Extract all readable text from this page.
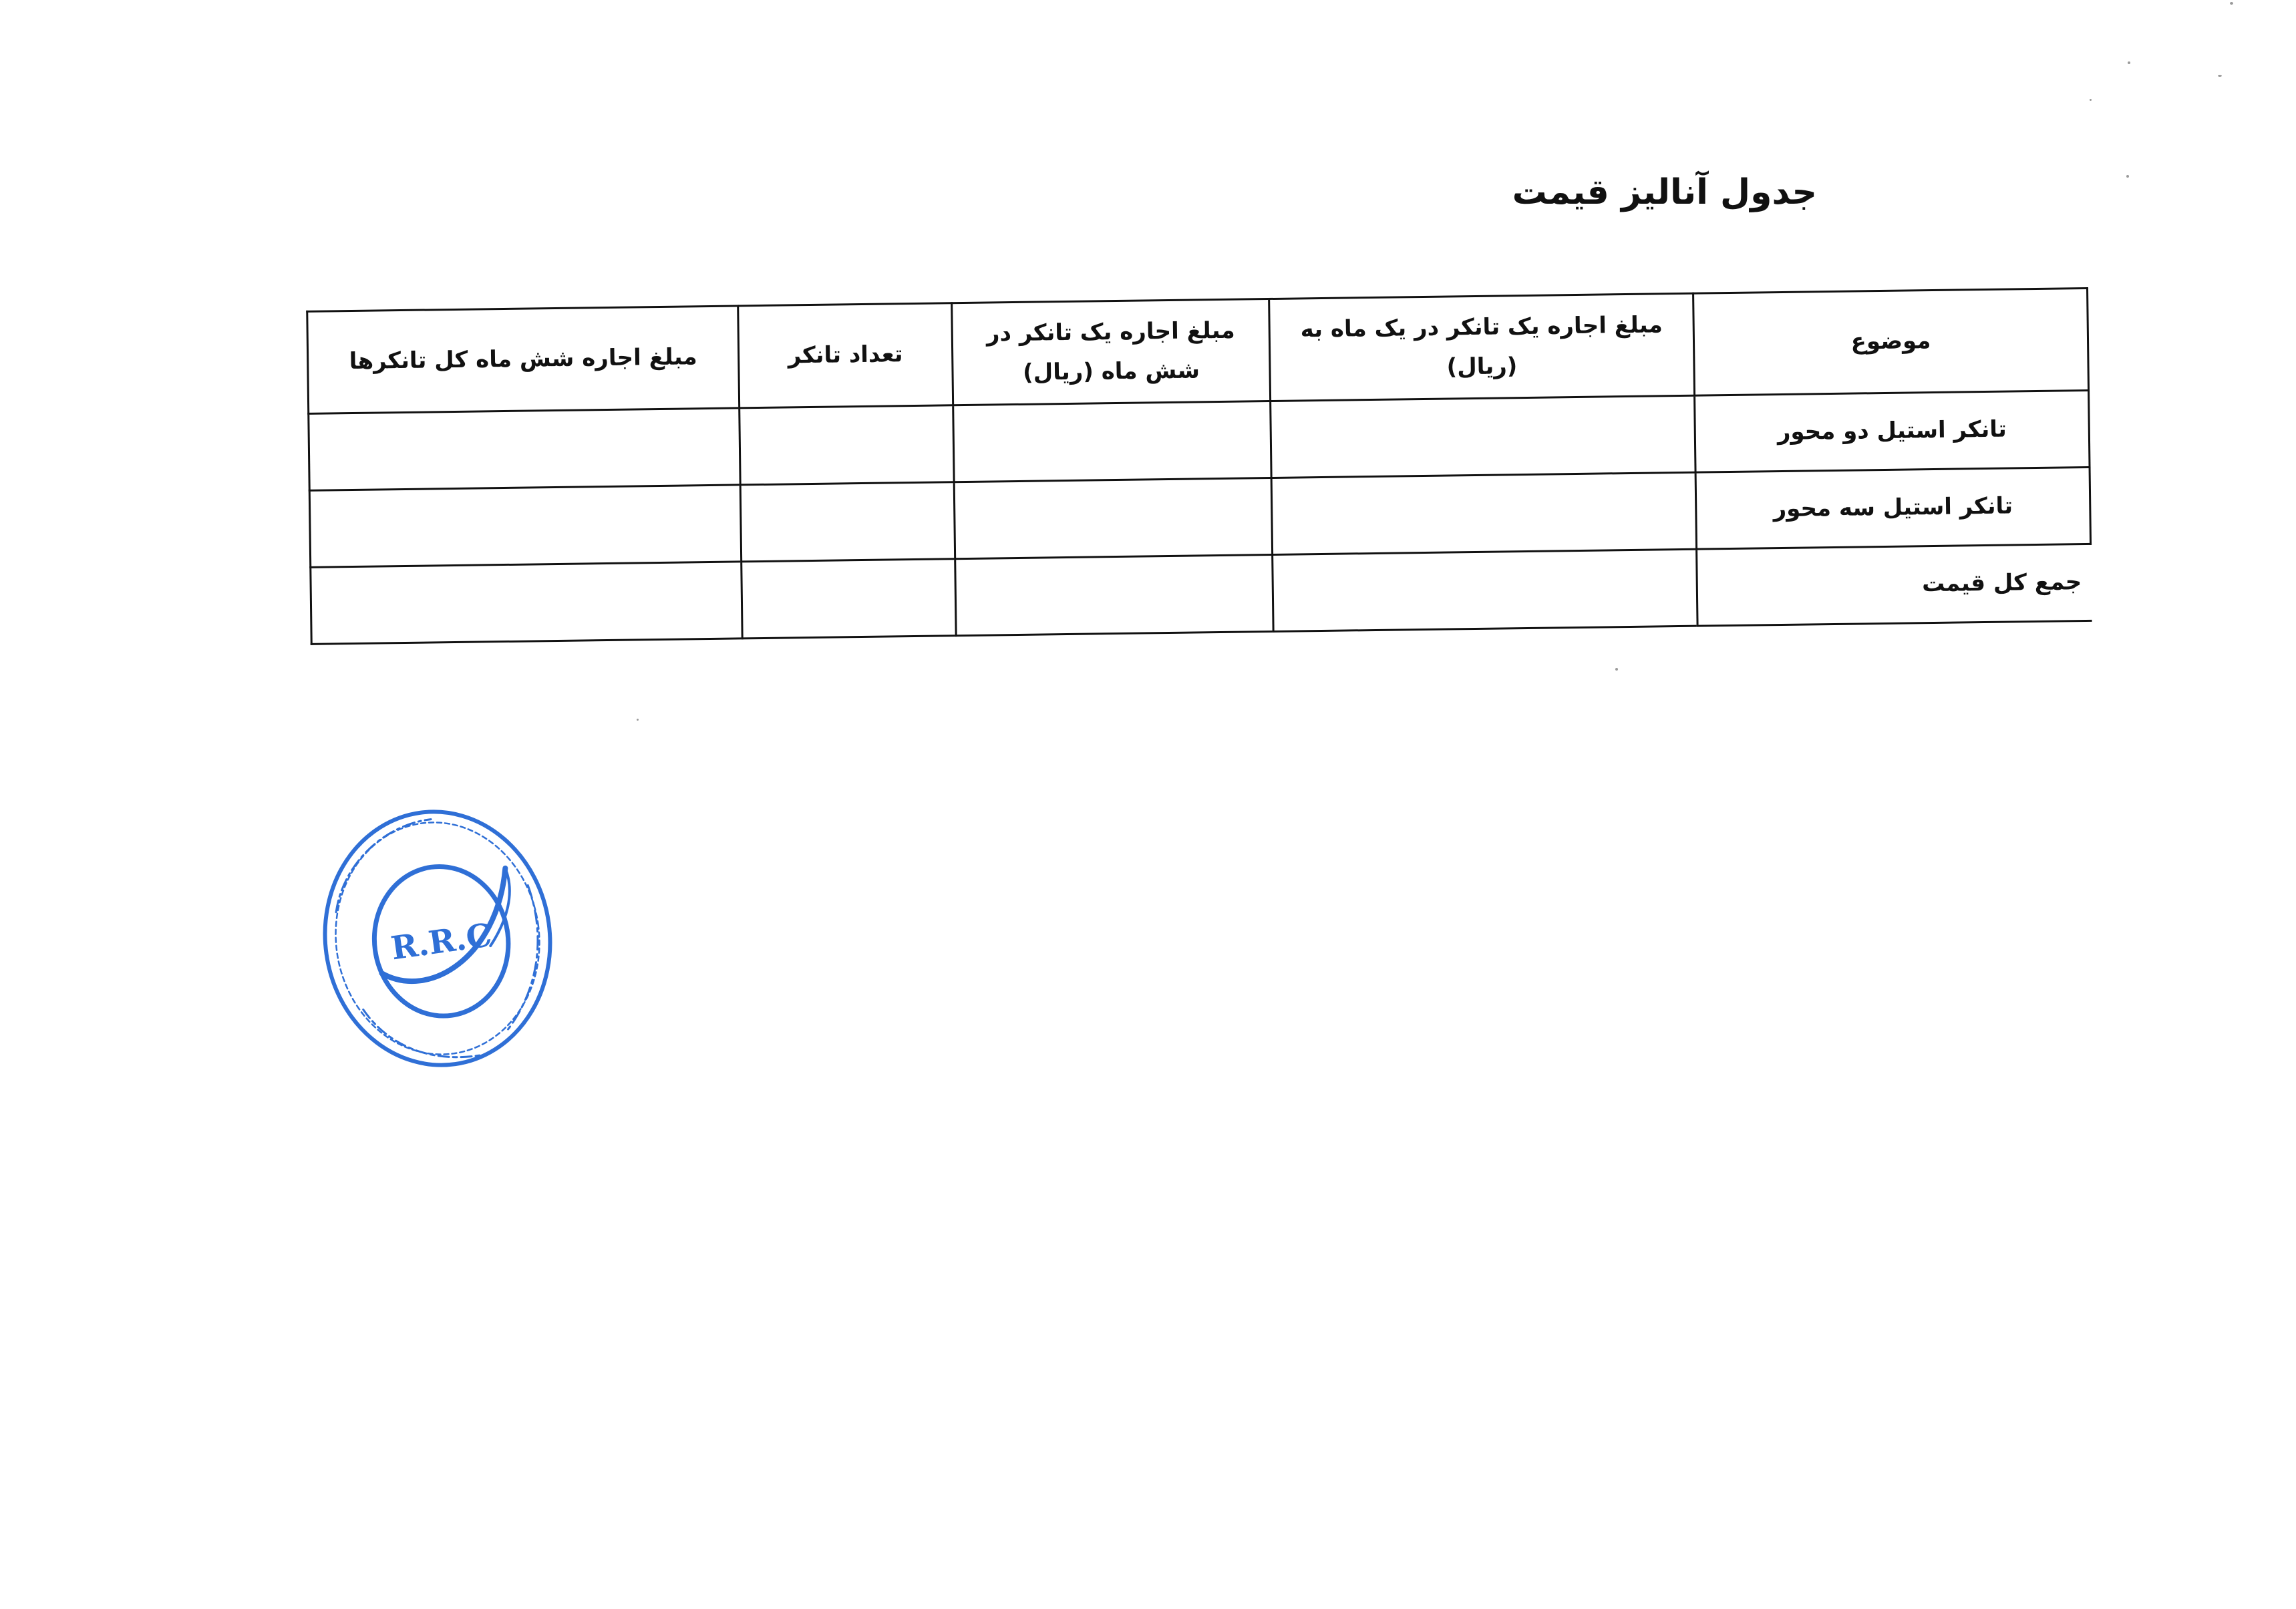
جدول آنالیز قیمت
موضوع	مبلغ اجاره یک تانکر در یک ماه به (ریال)	مبلغ اجاره یک تانکر در شش ماه (ریال)	تعداد تانکر	مبلغ اجاره شش ماه کل تانکرها
تانکر استیل دو محور				
تانکر استیل سه محور				
جمع کل قیمت				
R.R.C
